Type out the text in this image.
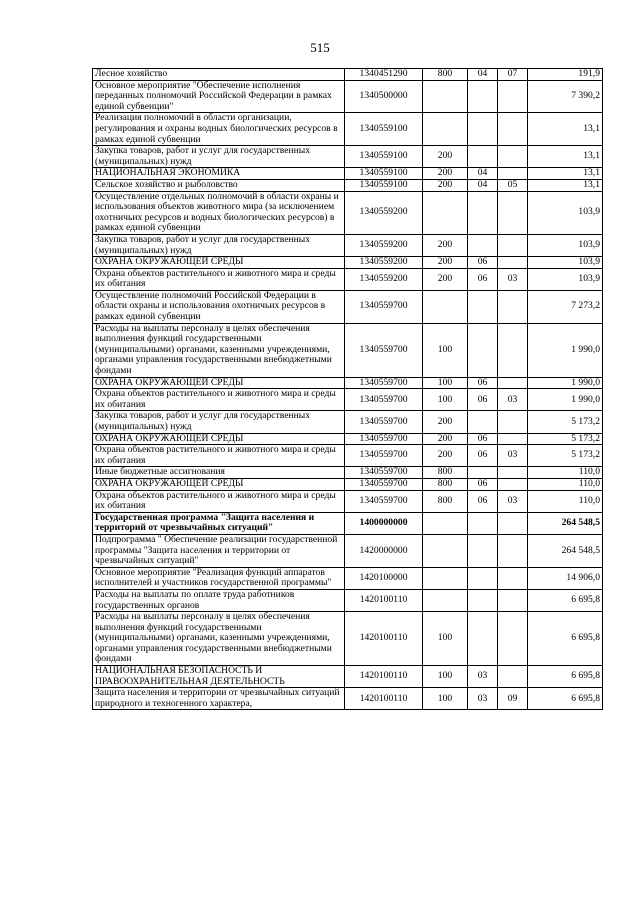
515
Лесное хозяйство	1340451290	800	04	07	191,9
Основное мероприятие "Обеспечение исполнения переданных полномочий Российской Федерации в рамках единой субвенции"	1340500000				7 390,2
Реализация полномочий в области организации, регулирования и охраны водных биологических ресурсов в рамках единой субвенции	1340559100				13,1
Закупка товаров, работ и услуг для государственных (муниципальных) нужд	1340559100	200			13,1
НАЦИОНАЛЬНАЯ ЭКОНОМИКА	1340559100	200	04		13,1
Сельское хозяйство и рыболовство	1340559100	200	04	05	13,1
Осуществление отдельных полномочий в области охраны и использования объектов животного мира (за исключением охотничьих ресурсов и водных биологических ресурсов) в рамках единой субвенции	1340559200				103,9
Закупка товаров, работ и услуг для государственных (муниципальных) нужд	1340559200	200			103,9
ОХРАНА ОКРУЖАЮЩЕЙ СРЕДЫ	1340559200	200	06		103,9
Охрана объектов растительного и животного мира и среды их обитания	1340559200	200	06	03	103,9
Осуществление полномочий Российской Федерации в области охраны и использования охотничьих ресурсов в рамках единой субвенции	1340559700				7 273,2
Расходы на выплаты персоналу в целях обеспечения выполнения функций государственными (муниципальными) органами, казенными учреждениями, органами управления государственными внебюджетными фондами	1340559700	100			1 990,0
ОХРАНА ОКРУЖАЮЩЕЙ СРЕДЫ	1340559700	100	06		1 990,0
Охрана объектов растительного и животного мира и среды их обитания	1340559700	100	06	03	1 990,0
Закупка товаров, работ и услуг для государственных (муниципальных) нужд	1340559700	200			5 173,2
ОХРАНА ОКРУЖАЮЩЕЙ СРЕДЫ	1340559700	200	06		5 173,2
Охрана объектов растительного и животного мира и среды их обитания	1340559700	200	06	03	5 173,2
Иные бюджетные ассигнования	1340559700	800			110,0
ОХРАНА ОКРУЖАЮЩЕЙ СРЕДЫ	1340559700	800	06		110,0
Охрана объектов растительного и животного мира и среды их обитания	1340559700	800	06	03	110,0
Государственная программа "Защита населения и территорий от чрезвычайных ситуаций"	1400000000				264 548,5
Подпрограмма " Обеспечение реализации государственной программы "Защита населения и территории от чрезвычайных ситуаций"	1420000000				264 548,5
Основное мероприятие "Реализация функций аппаратов исполнителей и участников государственной программы"	1420100000				14 906,0
Расходы на выплаты по оплате труда работников государственных органов	1420100110				6 695,8
Расходы на выплаты персоналу в целях обеспечения выполнения функций государственными (муниципальными) органами, казенными учреждениями, органами управления государственными внебюджетными фондами	1420100110	100			6 695,8
НАЦИОНАЛЬНАЯ БЕЗОПАСНОСТЬ И ПРАВООХРАНИТЕЛЬНАЯ ДЕЯТЕЛЬНОСТЬ	1420100110	100	03		6 695,8
Защита населения и территории от чрезвычайных ситуаций природного и техногенного характера,	1420100110	100	03	09	6 695,8
